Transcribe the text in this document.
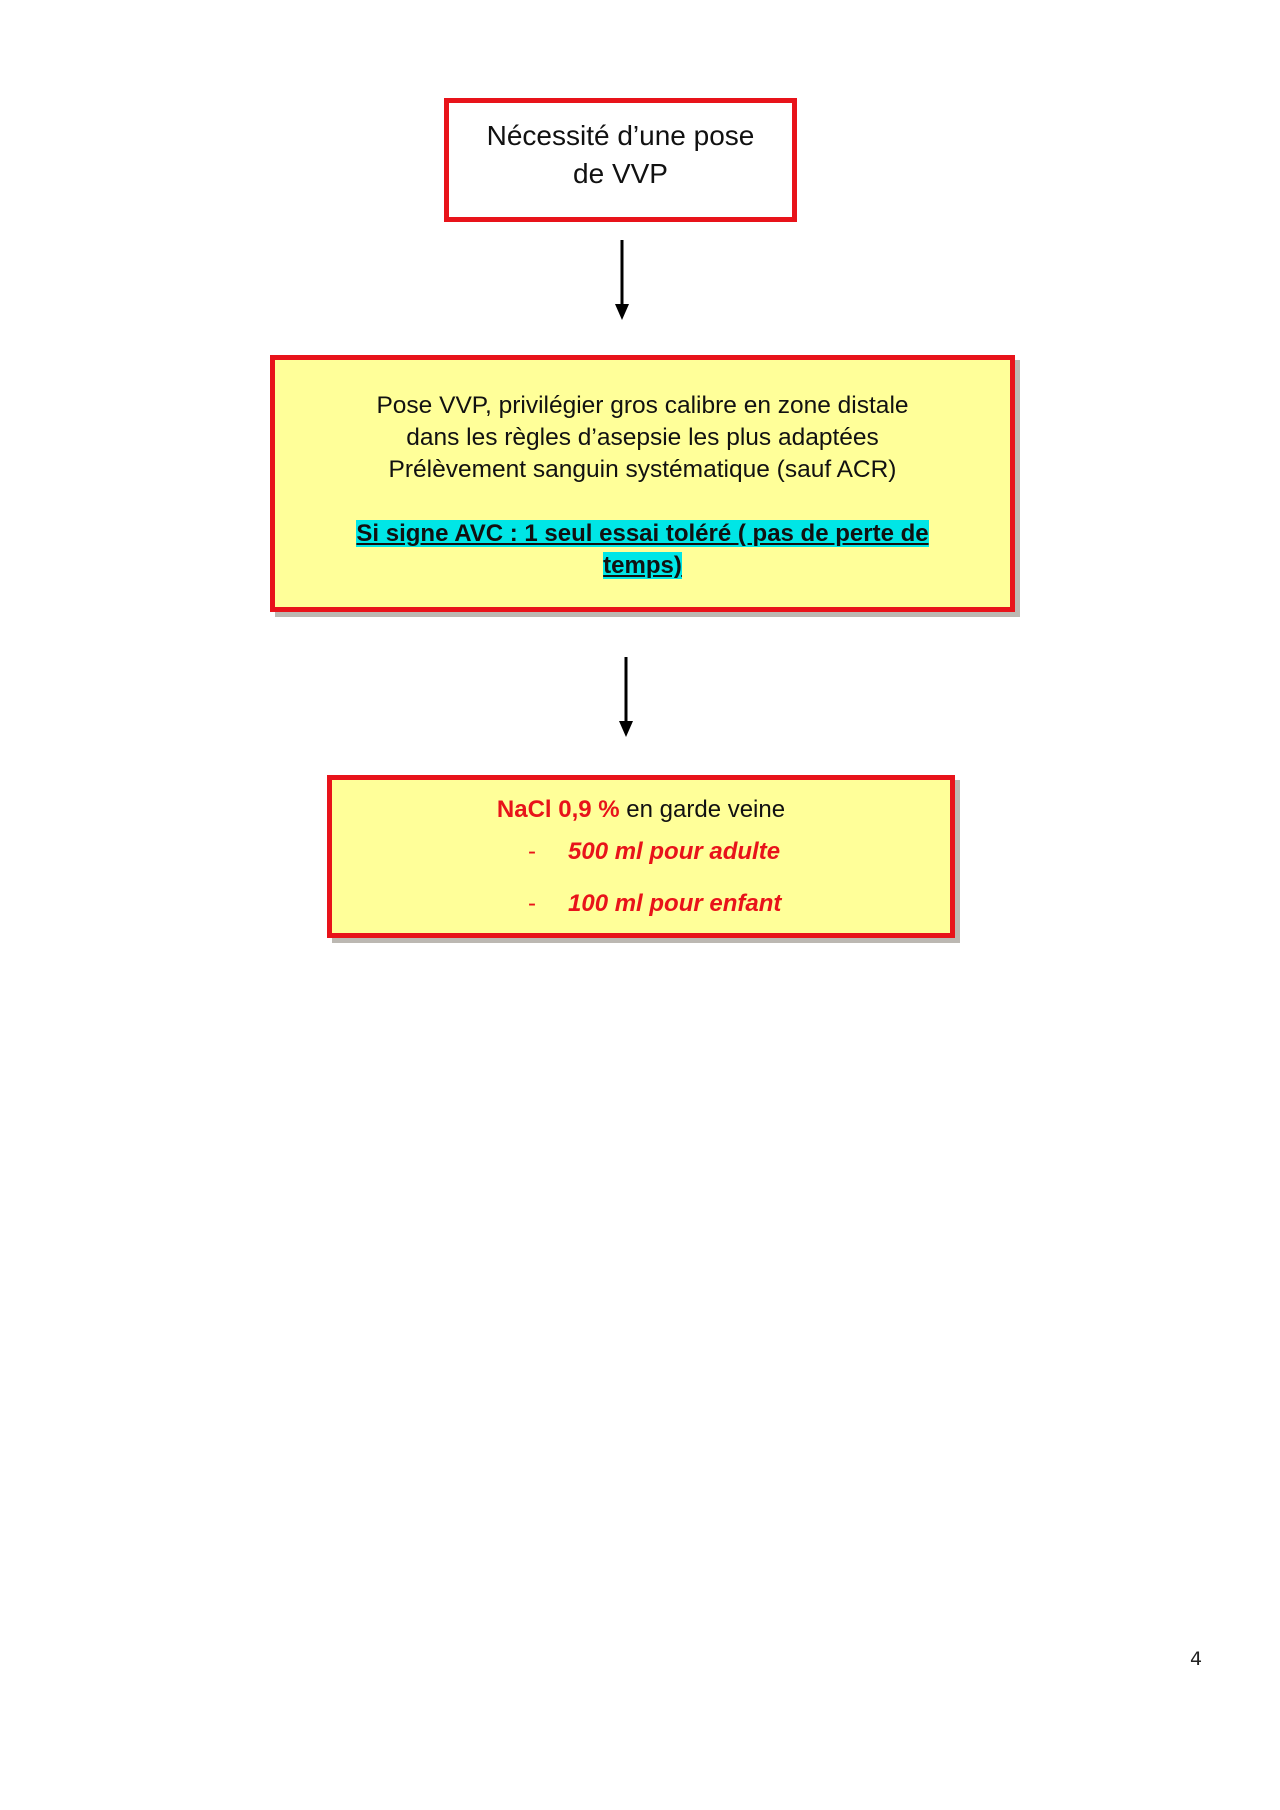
Nécessité d’une pose
de VVP
Pose VVP, privilégier gros calibre en zone distale
dans les règles d’asepsie les plus adaptées
Prélèvement sanguin systématique (sauf ACR)
Si signe AVC : 1 seul essai toléré ( pas de perte de temps)
NaCl 0,9 % en garde veine
- 500 ml pour adulte
- 100 ml pour enfant
4
